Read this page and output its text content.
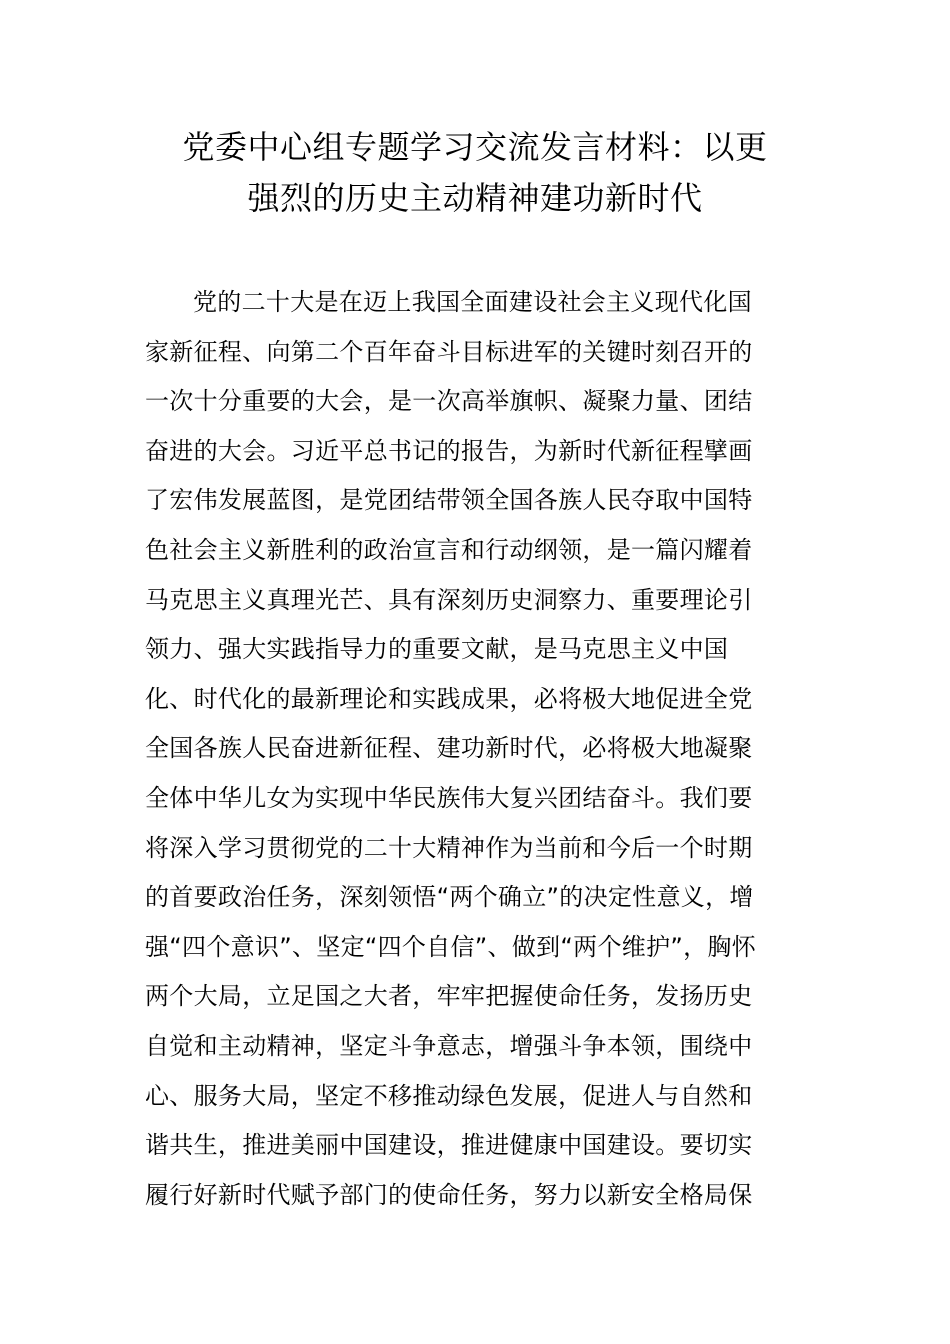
党委中心组专题学习交流发言材料：以更
强烈的历史主动精神建功新时代
党的二十大是在迈上我国全面建设社会主义现代化国
家新征程、向第二个百年奋斗目标进军的关键时刻召开的
一次十分重要的大会，是一次高举旗帜、凝聚力量、团结
奋进的大会。习近平总书记的报告，为新时代新征程擘画
了宏伟发展蓝图，是党团结带领全国各族人民夺取中国特
色社会主义新胜利的政治宣言和行动纲领，是一篇闪耀着
马克思主义真理光芒、具有深刻历史洞察力、重要理论引
领力、强大实践指导力的重要文献，是马克思主义中国
化、时代化的最新理论和实践成果，必将极大地促进全党
全国各族人民奋进新征程、建功新时代，必将极大地凝聚
全体中华儿女为实现中华民族伟大复兴团结奋斗。我们要
将深入学习贯彻党的二十大精神作为当前和今后一个时期
的首要政治任务，深刻领悟“两个确立”的决定性意义，增
强“四个意识”、坚定“四个自信”、做到“两个维护”，胸怀
两个大局，立足国之大者，牢牢把握使命任务，发扬历史
自觉和主动精神，坚定斗争意志，增强斗争本领，围绕中
心、服务大局，坚定不移推动绿色发展，促进人与自然和
谐共生，推进美丽中国建设，推进健康中国建设。要切实
履行好新时代赋予部门的使命任务，努力以新安全格局保
